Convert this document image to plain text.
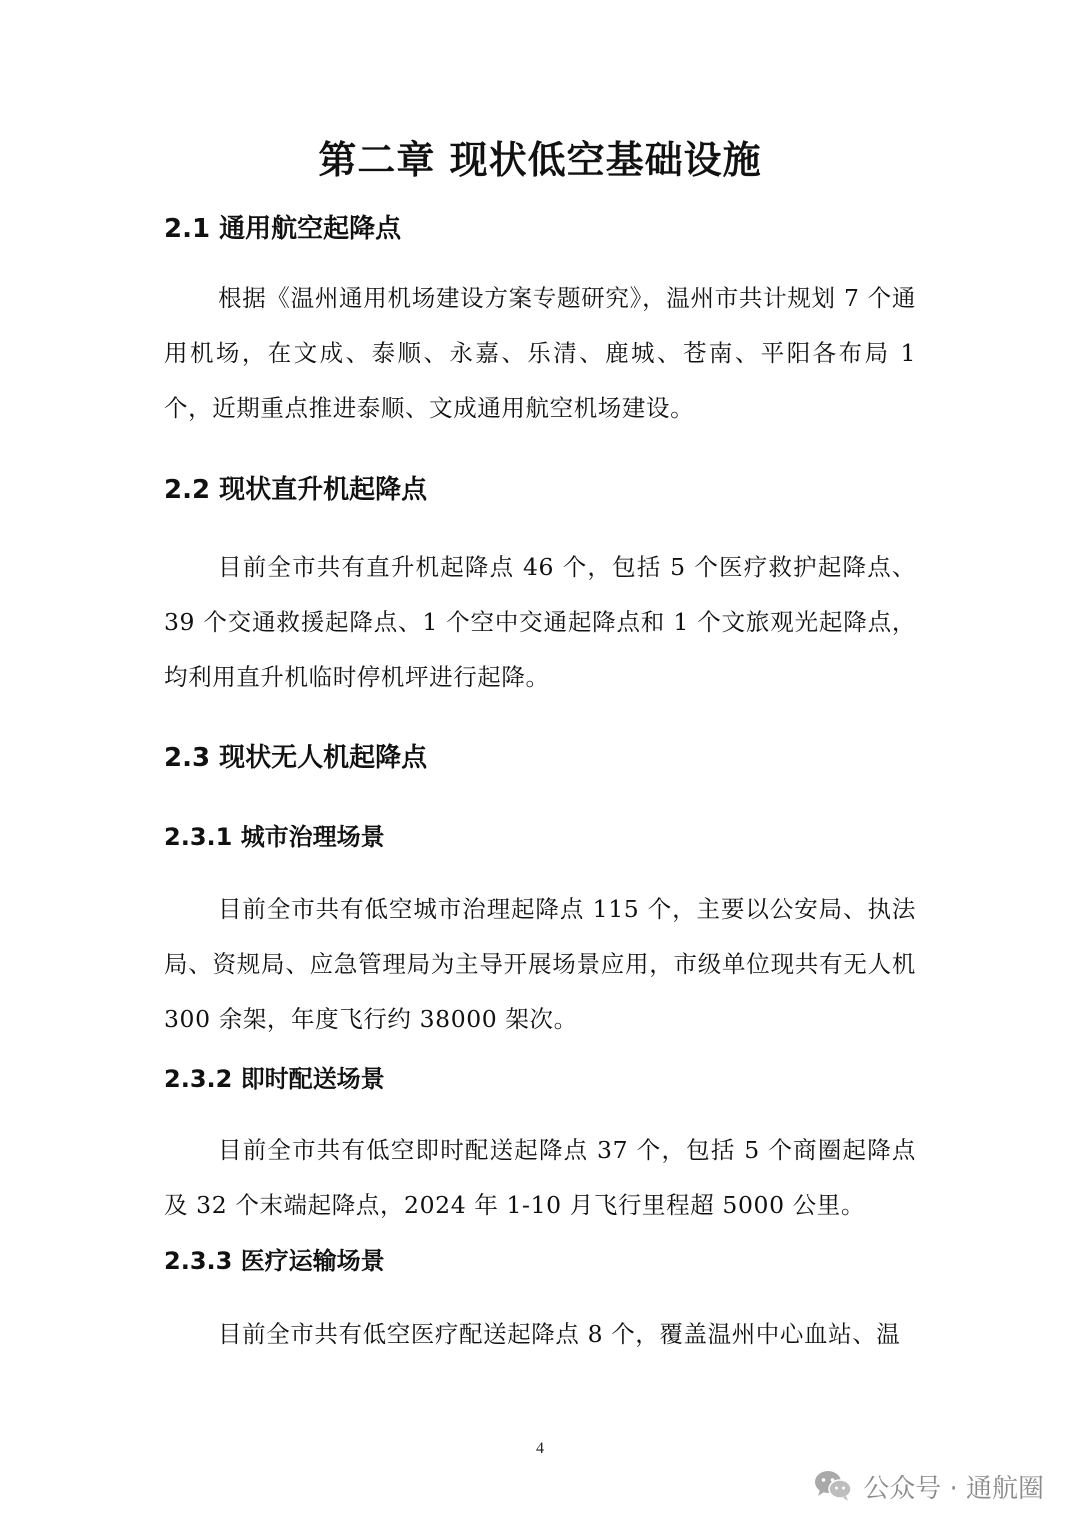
第二章 现状低空基础设施
2.1 通用航空起降点

根据《温州通用机场建设方案专题研究》，温州市共计规划 7 个通用机场，在文成、泰顺、永嘉、乐清、鹿城、苍南、平阳各布局 1 个，近期重点推进泰顺、文成通用航空机场建设。

2.2 现状直升机起降点

目前全市共有直升机起降点 46 个，包括 5 个医疗救护起降点、39 个交通救援起降点、1 个空中交通起降点和 1 个文旅观光起降点，均利用直升机临时停机坪进行起降。

2.3 现状无人机起降点
2.3.1 城市治理场景

目前全市共有低空城市治理起降点 115 个，主要以公安局、执法局、资规局、应急管理局为主导开展场景应用，市级单位现共有无人机 300 余架，年度飞行约 38000 架次。

2.3.2 即时配送场景

目前全市共有低空即时配送起降点 37 个，包括 5 个商圈起降点及 32 个末端起降点，2024 年 1-10 月飞行里程超 5000 公里。

2.3.3 医疗运输场景

目前全市共有低空医疗配送起降点 8 个，覆盖温州中心血站、温

4
公众号 · 通航圈
